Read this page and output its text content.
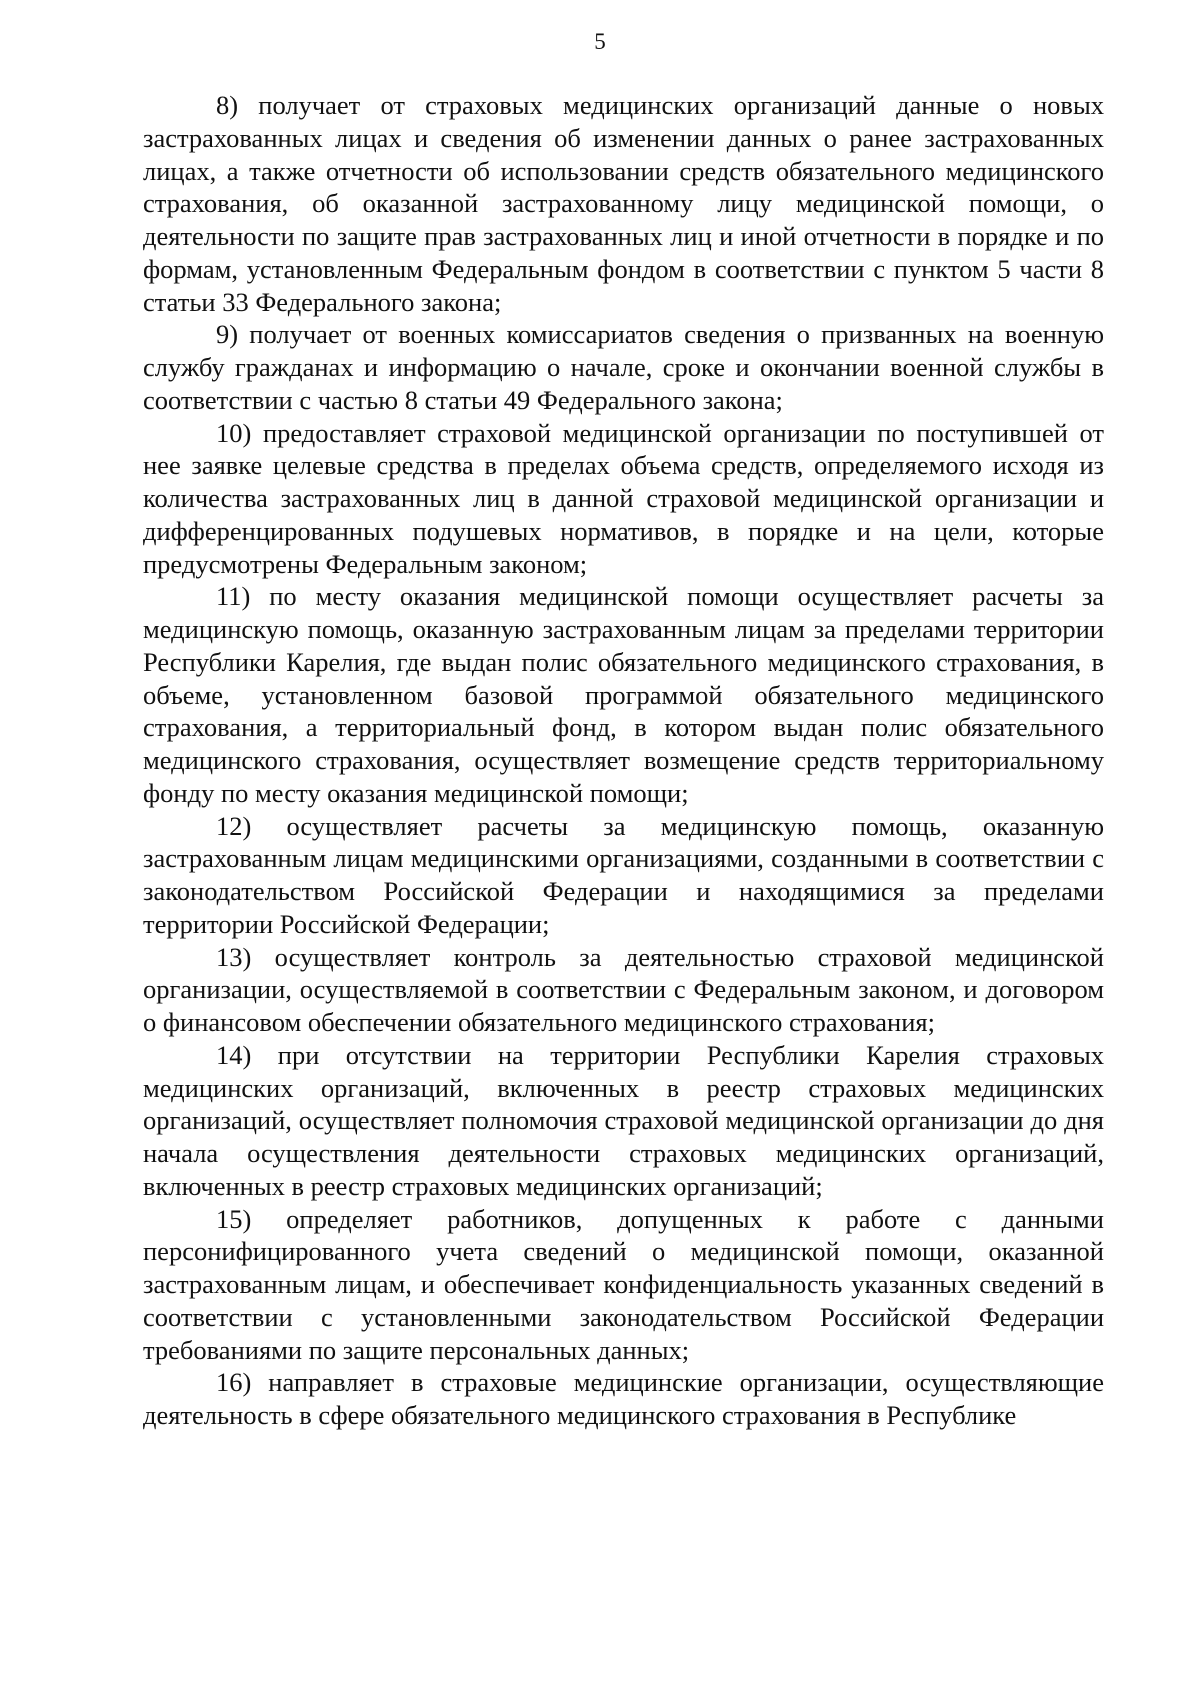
5

8) получает от страховых медицинских организаций данные о новых застрахованных лицах и сведения об изменении данных о ранее застрахованных лицах, а также отчетности об использовании средств обязательного медицинского страхования, об оказанной застрахованному лицу медицинской помощи, о деятельности по защите прав застрахованных лиц и иной отчетности в порядке и по формам, установленным Федеральным фондом в соответствии с пунктом 5 части 8 статьи 33 Федерального закона;

9) получает от военных комиссариатов сведения о призванных на военную службу гражданах и информацию о начале, сроке и окончании военной службы в соответствии с частью 8 статьи 49 Федерального закона;

10) предоставляет страховой медицинской организации по поступившей от нее заявке целевые средства в пределах объема средств, определяемого исходя из количества застрахованных лиц в данной страховой медицинской организации и дифференцированных подушевых нормативов, в порядке и на цели, которые предусмотрены Федеральным законом;

11) по месту оказания медицинской помощи осуществляет расчеты за медицинскую помощь, оказанную застрахованным лицам за пределами территории Республики Карелия, где выдан полис обязательного медицинского страхования, в объеме, установленном базовой программой обязательного медицинского страхования, а территориальный фонд, в котором выдан полис обязательного медицинского страхования, осуществляет возмещение средств территориальному фонду по месту оказания медицинской помощи;

12) осуществляет расчеты за медицинскую помощь, оказанную застрахованным лицам медицинскими организациями, созданными в соответствии с законодательством Российской Федерации и находящимися за пределами территории Российской Федерации;

13) осуществляет контроль за деятельностью страховой медицинской организации, осуществляемой в соответствии с Федеральным законом, и договором о финансовом обеспечении обязательного медицинского страхования;

14) при отсутствии на территории Республики Карелия страховых медицинских организаций, включенных в реестр страховых медицинских организаций, осуществляет полномочия страховой медицинской организации до дня начала осуществления деятельности страховых медицинских организаций, включенных в реестр страховых медицинских организаций;

15) определяет работников, допущенных к работе с данными персонифицированного учета сведений о медицинской помощи, оказанной застрахованным лицам, и обеспечивает конфиденциальность указанных сведений в соответствии с установленными законодательством Российской Федерации требованиями по защите персональных данных;

16) направляет в страховые медицинские организации, осуществляющие деятельность в сфере обязательного медицинского страхования в Республике
